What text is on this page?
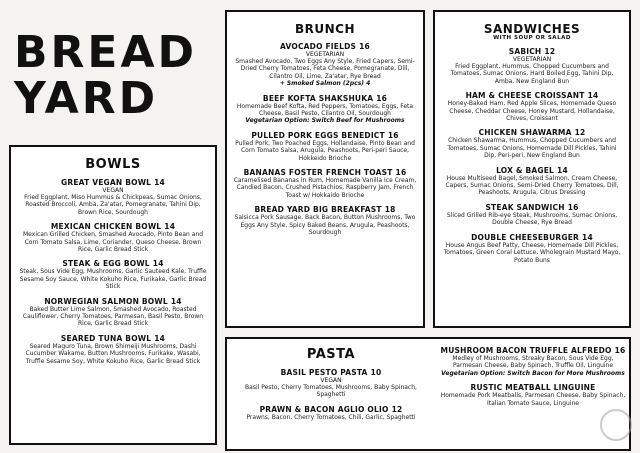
BREAD
YARD
BOWLS
GREAT VEGAN BOWL 14
VEGAN
Fried Eggplant, Miso Hummus & Chickpeas, Sumac Onions, Roasted Broccoli, Amba, Za'atar, Pomegranate, Tahini Dip, Brown Rice, Sourdough
MEXICAN CHICKEN BOWL 14
Mexican Grilled Chicken, Smashed Avocado, Pinto Bean and Corn Tomato Salsa, Lime, Coriander, Queso Cheese, Brown Rice, Garlic Bread Stick
STEAK & EGG BOWL 14
Steak, Sous Vide Egg, Mushrooms, Garlic Sauteed Kale, Truffle Sesame Soy Sauce, White Kokuho Rice, Furikake, Garlic Bread Stick
NORWEGIAN SALMON BOWL 14
Baked Butter Lime Salmon, Smashed Avocado, Roasted Cauliflower, Cherry Tomatoes, Parmesan, Basil Pesto, Brown Rice, Garlic Bread Stick
SEARED TUNA BOWL 14
Seared Maguro Tuna, Brown Shimeiji Mushrooms, Dashi Cucumber Wakame, Button Mushrooms, Furikake, Wasabi, Truffle Sesame Soy, White Kokuho Rice, Garlic Bread Stick
BRUNCH
AVOCADO FIELDS 16
VEGETARIAN
Smashed Avocado, Two Eggs Any Style, Fried Capers, Semi-Dried Cherry Tomatoes, Feta Cheese, Pomegranate, Dill, Cilantro Oil, Lime, Za'atar, Rye Bread
+ Smoked Salmon (2pcs) 4
BEEF KOFTA SHAKSHUKA 16
Homemade Beef Kofta, Red Peppers, Tomatoes, Eggs, Feta Cheese, Basil Pesto, Cilantro Oil, Sourdough
Vegetarian Option: Switch Beef for Mushrooms
PULLED PORK EGGS BENEDICT 16
Pulled Pork, Two Poached Eggs, Hollandaise, Pinto Bean and Corn Tomato Salsa, Arugula, Peashoots, Peri-peri Sauce, Hokkeido Brioche
BANANAS FOSTER FRENCH TOAST 16
Caramelised Bananas in Rum, Homemade Vanilla Ice Cream, Candied Bacon, Crushed Pistachios, Raspberry Jam, French Toast w/ Hokkaido Brioche
BREAD YARD BIG BREAKFAST 18
Salsicca Pork Sausage, Back Bacon, Button Mushrooms, Two Eggs Any Style, Spicy Baked Beans, Arugula, Peashoots, Sourdough
SANDWICHES
WITH SOUP OR SALAD
SABICH 12
VEGETARIAN
Fried Eggplant, Hummus, Chopped Cucumbers and Tomatoes, Sumac Onions, Hard Boiled Egg, Tahini Dip, Amba, New England Bun
HAM & CHEESE CROISSANT 14
Honey-Baked Ham, Red Apple Slices, Homemade Queso Cheese, Cheddar Cheese, Honey Mustard, Hollandaise, Chives, Croissant
CHICKEN SHAWARMA 12
Chicken Shawarma, Hummus, Chopped Cucumbers and Tomatoes, Sumac Onions, Homemade Dill Pickles, Tahini Dip, Peri-peri, New England Bun
LOX & BAGEL 14
House Multiseed Bagel, Smoked Salmon, Cream Cheese, Capers, Sumac Onions, Semi-Dried Cherry Tomatoes, Dill, Peashoots, Arugula, Citrus Dressing
STEAK SANDWICH 16
Sliced Grilled Rib-eye Steak, Mushrooms, Sumac Onions, Double Cheese, Rye Bread
DOUBLE CHEESEBURGER 14
House Angus Beef Patty, Cheese, Homemade Dill Pickles, Tomatoes, Green Coral Lettuce, Wholegrain Mustard Mayo, Potato Buns
PASTA
BASIL PESTO PASTA 10
VEGAN
Basil Pesto, Cherry Tomatoes, Mushrooms, Baby Spinach, Spaghetti
PRAWN & BACON AGLIO OLIO 12
Prawns, Bacon, Cherry Tomatoes, Chili, Garlic, Spaghetti
MUSHROOM BACON TRUFFLE ALFREDO 16
Medley of Mushrooms, Streaky Bacon, Sous Vide Egg, Parmesan Cheese, Baby Spinach, Truffle Oil, Linguine
Vegetarian Option: Switch Bacon for More Mushrooms
RUSTIC MEATBALL LINGUINE
Homemade Pork Meatballs, Parmesan Cheese, Baby Spinach, Italian Tomato Sauce, Linguine
